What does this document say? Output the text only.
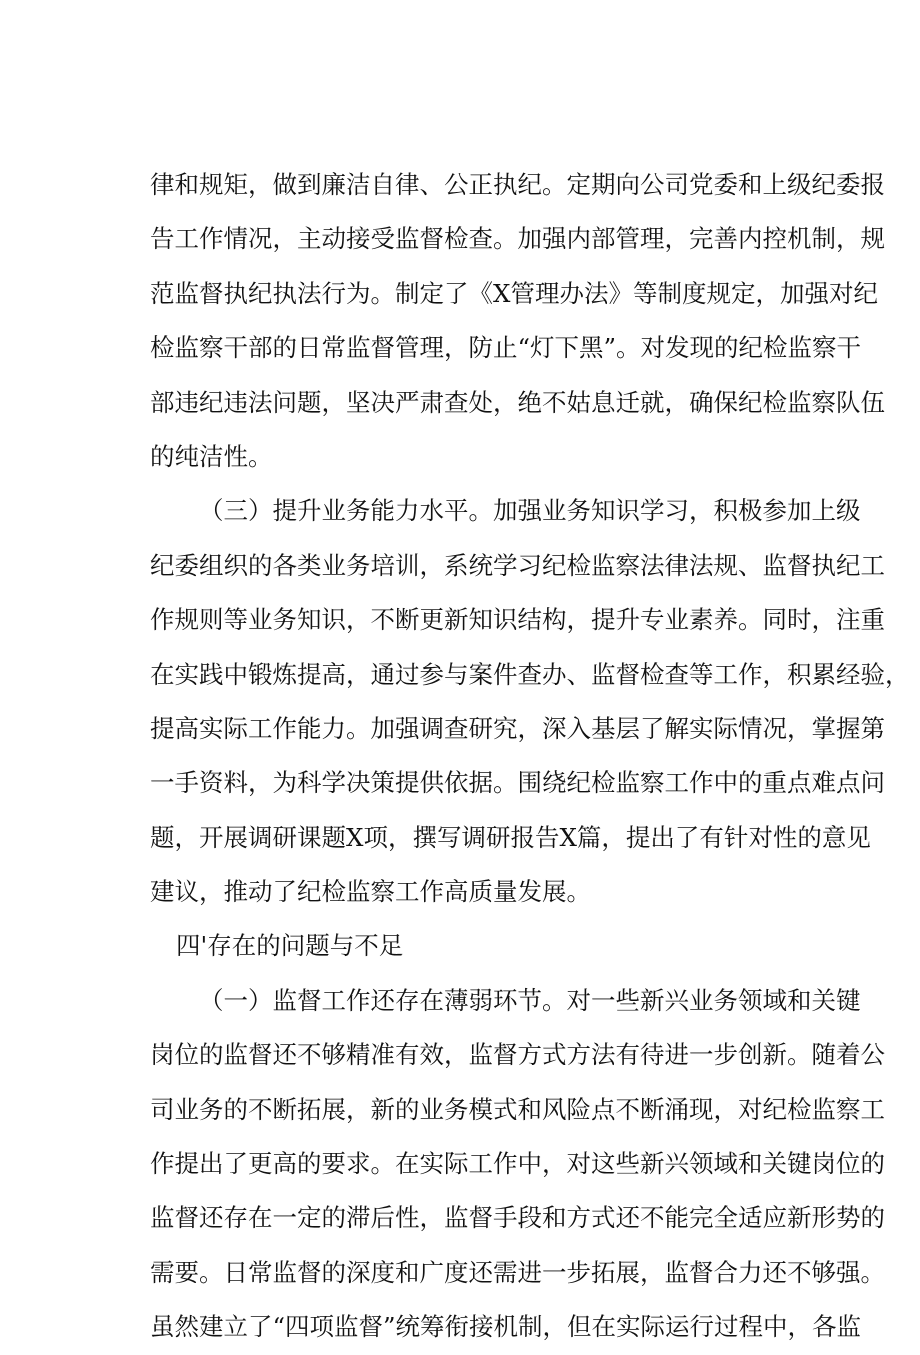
律和规矩，做到廉洁自律、公正执纪。定期向公司党委和上级纪委报
告工作情况，主动接受监督检查。加强内部管理，完善内控机制，规
范监督执纪执法行为。制定了《X管理办法》等制度规定，加强对纪
检监察干部的日常监督管理，防止“灯下黑”。对发现的纪检监察干
部违纪违法问题，坚决严肃查处，绝不姑息迁就，确保纪检监察队伍
的纯洁性。
（三）提升业务能力水平。加强业务知识学习，积极参加上级
纪委组织的各类业务培训，系统学习纪检监察法律法规、监督执纪工
作规则等业务知识，不断更新知识结构，提升专业素养。同时，注重
在实践中锻炼提高，通过参与案件查办、监督检查等工作，积累经验，
提高实际工作能力。加强调查研究，深入基层了解实际情况，掌握第
一手资料，为科学决策提供依据。围绕纪检监察工作中的重点难点问
题，开展调研课题X项，撰写调研报告X篇，提出了有针对性的意见
建议，推动了纪检监察工作高质量发展。
四'存在的问题与不足
（一）监督工作还存在薄弱环节。对一些新兴业务领域和关键
岗位的监督还不够精准有效，监督方式方法有待进一步创新。随着公
司业务的不断拓展，新的业务模式和风险点不断涌现，对纪检监察工
作提出了更高的要求。在实际工作中，对这些新兴领域和关键岗位的
监督还存在一定的滞后性，监督手段和方式还不能完全适应新形势的
需要。日常监督的深度和广度还需进一步拓展，监督合力还不够强。
虽然建立了“四项监督”统筹衔接机制，但在实际运行过程中，各监
